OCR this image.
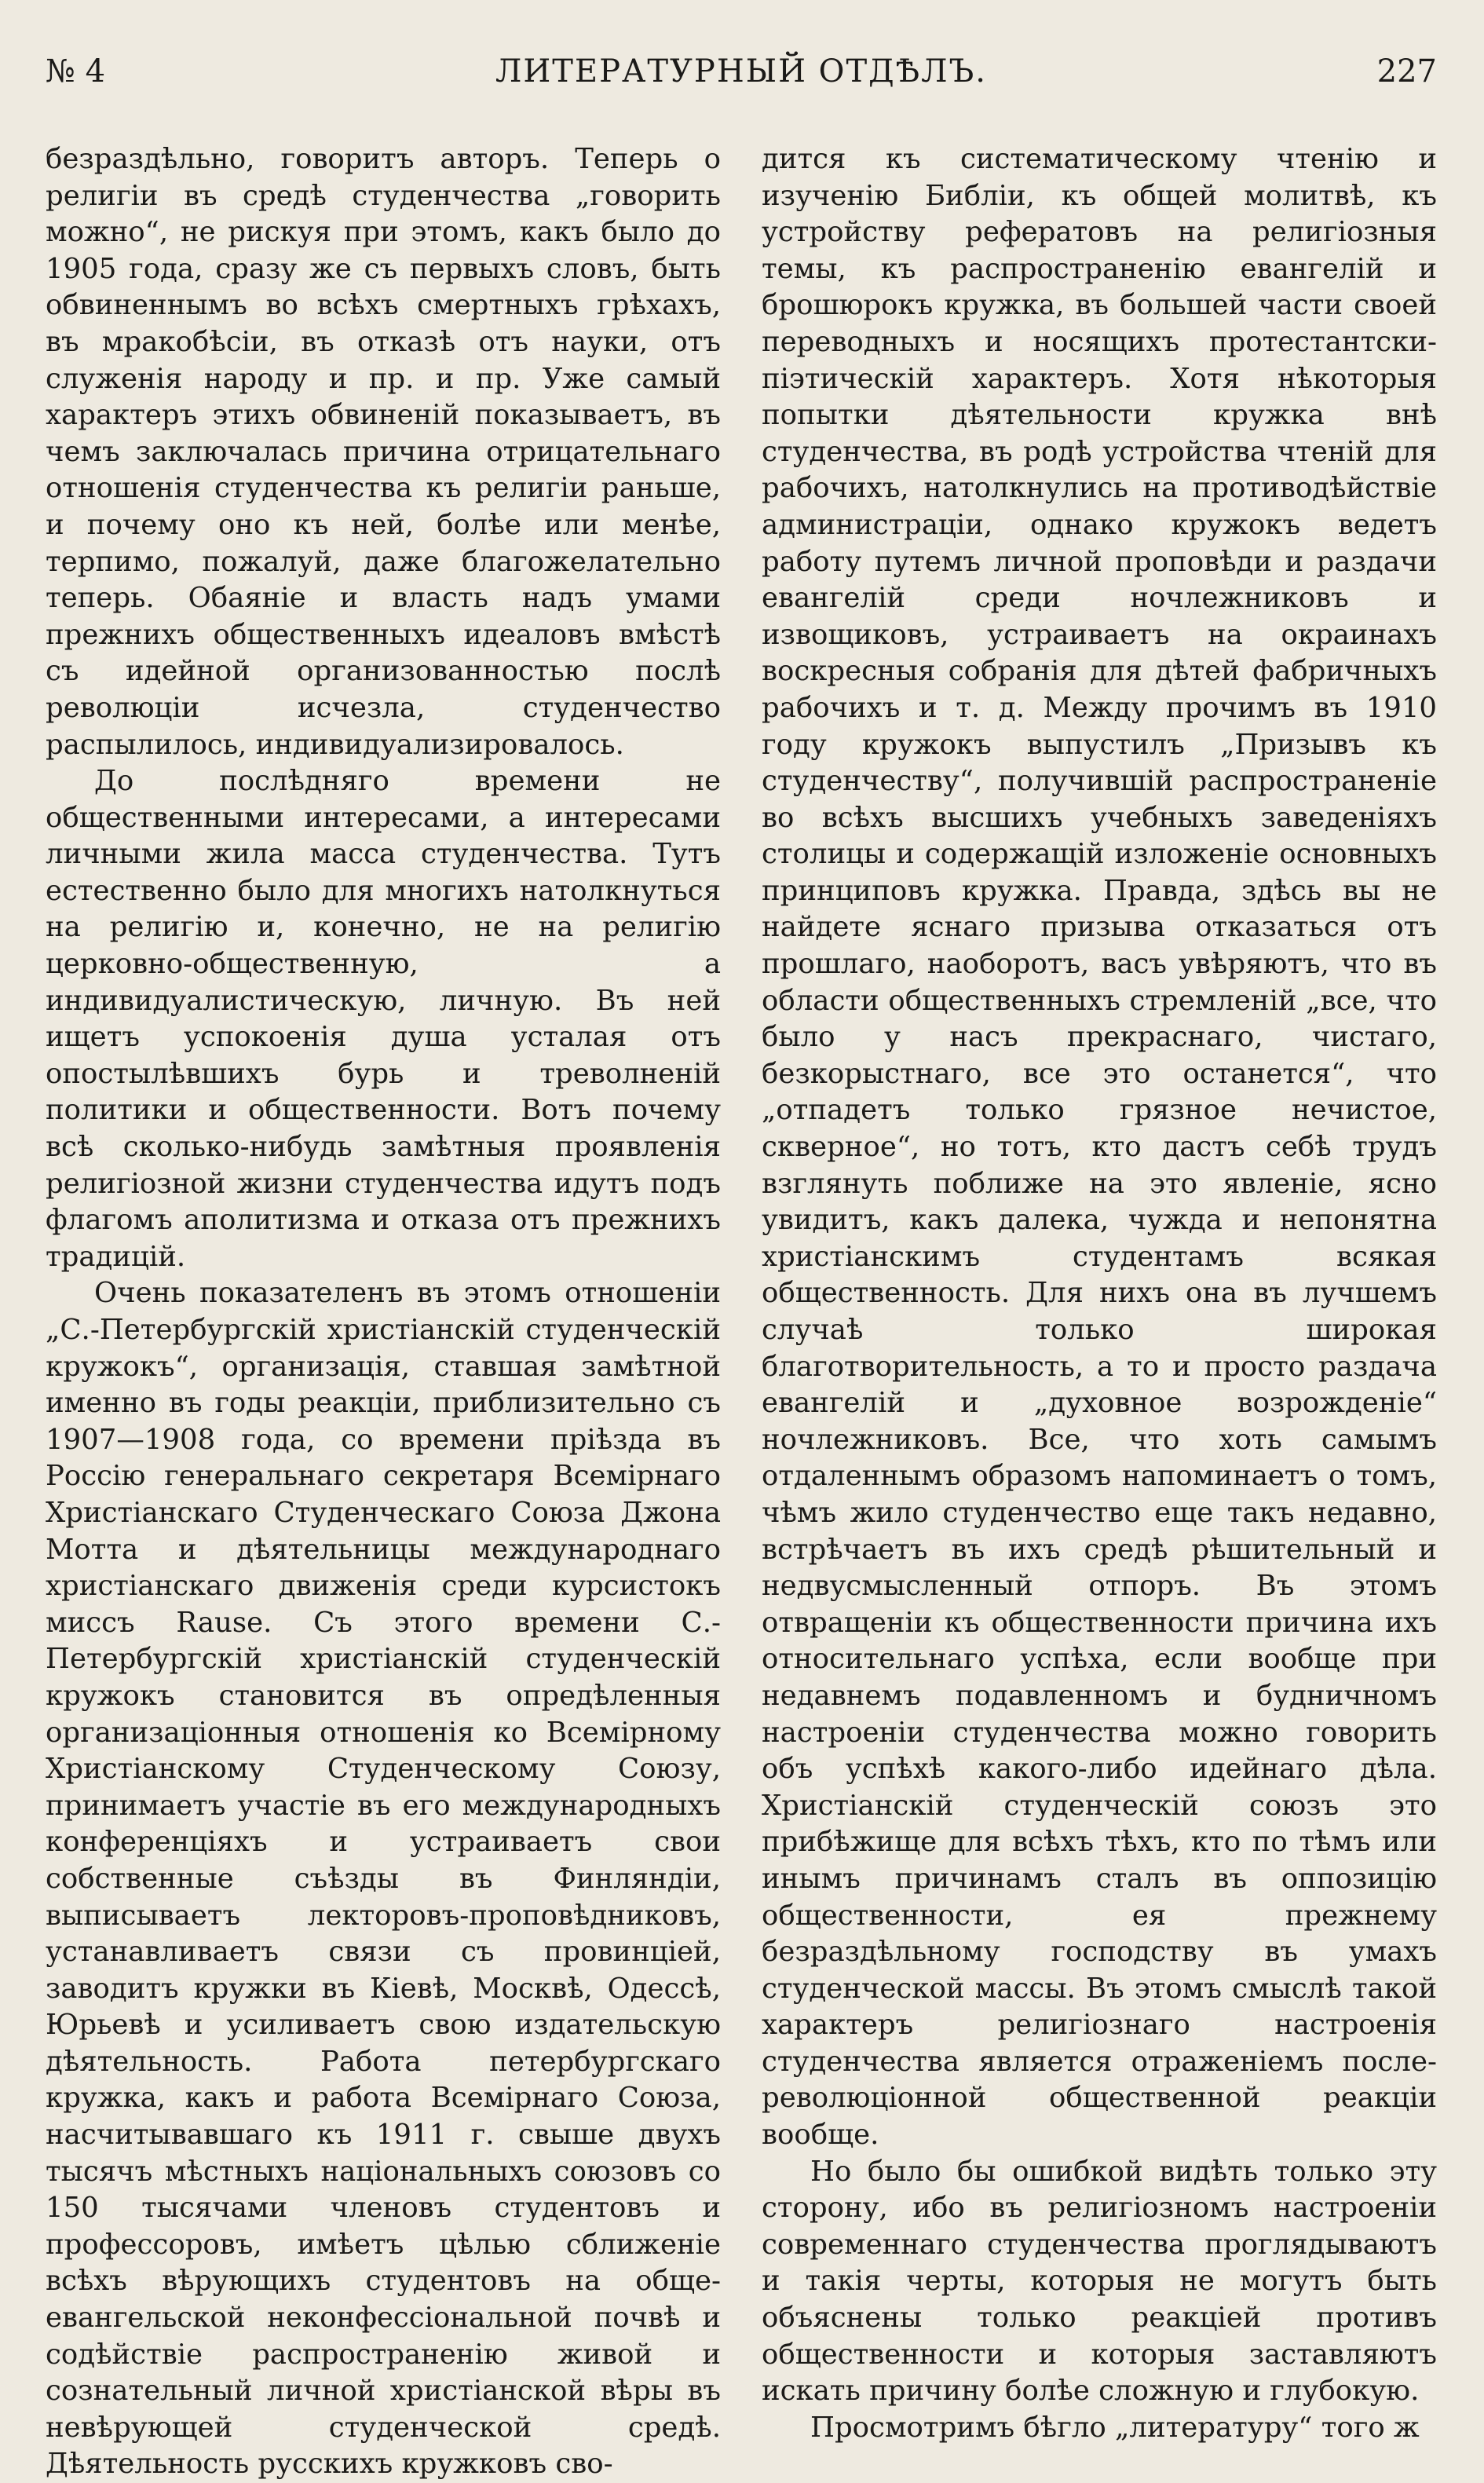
№ 4	ЛИТЕРАТУРНЫЙ ОТДѢЛЪ.	227

безраздѣльно, говоритъ авторъ. Теперь о религіи въ средѣ студенчества „говорить можно“, не рискуя при этомъ, какъ было до 1905 года, сразу же съ первыхъ словъ, быть обвиненнымъ во всѣхъ смертныхъ грѣхахъ, въ мракобѣсіи, въ отказѣ отъ науки, отъ служенія народу и пр. и пр. Уже самый характеръ этихъ обвиненій показываетъ, въ чемъ заключалась причина отрицательнаго отношенія студенчества къ религіи раньше, и почему оно къ ней, болѣе или менѣе, терпимо, пожалуй, даже благожелательно теперь. Обаяніе и власть надъ умами прежнихъ общественныхъ идеаловъ вмѣстѣ съ идейной организованностью послѣ революціи исчезла, студенчество распылилось, индивидуализировалось.

До послѣдняго времени не общественными интересами, а интересами личными жила масса студенчества. Тутъ естественно было для многихъ натолкнуться на религію и, конечно, не на религію церковно-общественную, а индивидуалистическую, личную. Въ ней ищетъ успокоенія душа усталая отъ опостылѣвшихъ бурь и треволненій политики и общественности. Вотъ почему всѣ сколько-нибудь замѣтныя проявленія религіозной жизни студенчества идутъ подъ флагомъ аполитизма и отказа отъ прежнихъ традицій.

Очень показателенъ въ этомъ отношеніи „С.-Петербургскій христіанскій студенческій кружокъ“, организація, ставшая замѣтной именно въ годы реакціи, приблизительно съ 1907—1908 года, со времени пріѣзда въ Россію генеральнаго секретаря Всемірнаго Христіанскаго Студенческаго Союза Джона Мотта и дѣятельницы международнаго христіанскаго движенія среди курсистокъ миссъ Rause. Съ этого времени С.-Петербургскій христіанскій студенческій кружокъ становится въ опредѣленныя организаціонныя отношенія ко Всемірному Христіанскому Студенческому Союзу, принимаетъ участіе въ его международныхъ конференціяхъ и устраиваетъ свои собственные съѣзды въ Финляндіи, выписываетъ лекторовъ-проповѣдниковъ, устанавливаетъ связи съ провинціей, заводитъ кружки въ Кіевѣ, Москвѣ, Одессѣ, Юрьевѣ и усиливаетъ свою издательскую дѣятельность. Работа петербургскаго кружка, какъ и работа Всемірнаго Союза, насчитывавшаго къ 1911 г. свыше двухъ тысячъ мѣстныхъ національныхъ союзовъ со 150 тысячами членовъ студентовъ и профессоровъ, имѣетъ цѣлью сближеніе всѣхъ вѣрующихъ студентовъ на обще-евангельской неконфессіональной почвѣ и содѣйствіе распространенію живой и сознательный личной христіанской вѣры въ невѣрующей студенческой средѣ. Дѣятельность русскихъ кружковъ сво-

дится къ систематическому чтенію и изученію Библіи, къ общей молитвѣ, къ устройству рефератовъ на религіозныя темы, къ распространенію евангелій и брошюрокъ кружка, въ большей части своей переводныхъ и носящихъ протестантски-піэтическій характеръ. Хотя нѣкоторыя попытки дѣятельности кружка внѣ студенчества, въ родѣ устройства чтеній для рабочихъ, натолкнулись на противодѣйствіе администраціи, однако кружокъ ведетъ работу путемъ личной проповѣди и раздачи евангелій среди ночлежниковъ и извощиковъ, устраиваетъ на окраинахъ воскресныя собранія для дѣтей фабричныхъ рабочихъ и т. д. Между прочимъ въ 1910 году кружокъ выпустилъ „Призывъ къ студенчеству“, получившій распространеніе во всѣхъ высшихъ учебныхъ заведеніяхъ столицы и содержащій изложеніе основныхъ принциповъ кружка. Правда, здѣсь вы не найдете яснаго призыва отказаться отъ прошлаго, наоборотъ, васъ увѣряютъ, что въ области общественныхъ стремленій „все, что было у насъ прекраснаго, чистаго, безкорыстнаго, все это останется“, что „отпадетъ только грязное нечистое, скверное“, но тотъ, кто дастъ себѣ трудъ взглянуть поближе на это явленіе, ясно увидитъ, какъ далека, чужда и непонятна христіанскимъ студентамъ всякая общественность. Для нихъ она въ лучшемъ случаѣ только широкая благотворительность, а то и просто раздача евангелій и „духовное возрожденіе“ ночлежниковъ. Все, что хоть самымъ отдаленнымъ образомъ напоминаетъ о томъ, чѣмъ жило студенчество еще такъ недавно, встрѣчаетъ въ ихъ средѣ рѣшительный и недвусмысленный отпоръ. Въ этомъ отвращеніи къ общественности причина ихъ относительнаго успѣха, если вообще при недавнемъ подавленномъ и будничномъ настроеніи студенчества можно говорить объ успѣхѣ какого-либо идейнаго дѣла. Христіанскій студенческій союзъ это прибѣжище для всѣхъ тѣхъ, кто по тѣмъ или инымъ причинамъ сталъ въ оппозицію общественности, ея прежнему безраздѣльному господству въ умахъ студенческой массы. Въ этомъ смыслѣ такой характеръ религіознаго настроенія студенчества является отраженіемъ после-революціонной общественной реакціи вообще.

Но было бы ошибкой видѣть только эту сторону, ибо въ религіозномъ настроеніи современнаго студенчества проглядываютъ и такія черты, которыя не могутъ быть объяснены только реакціей противъ общественности и которыя заставляютъ искать причину болѣе сложную и глубокую.

Просмотримъ бѣгло „литературу“ того ж
